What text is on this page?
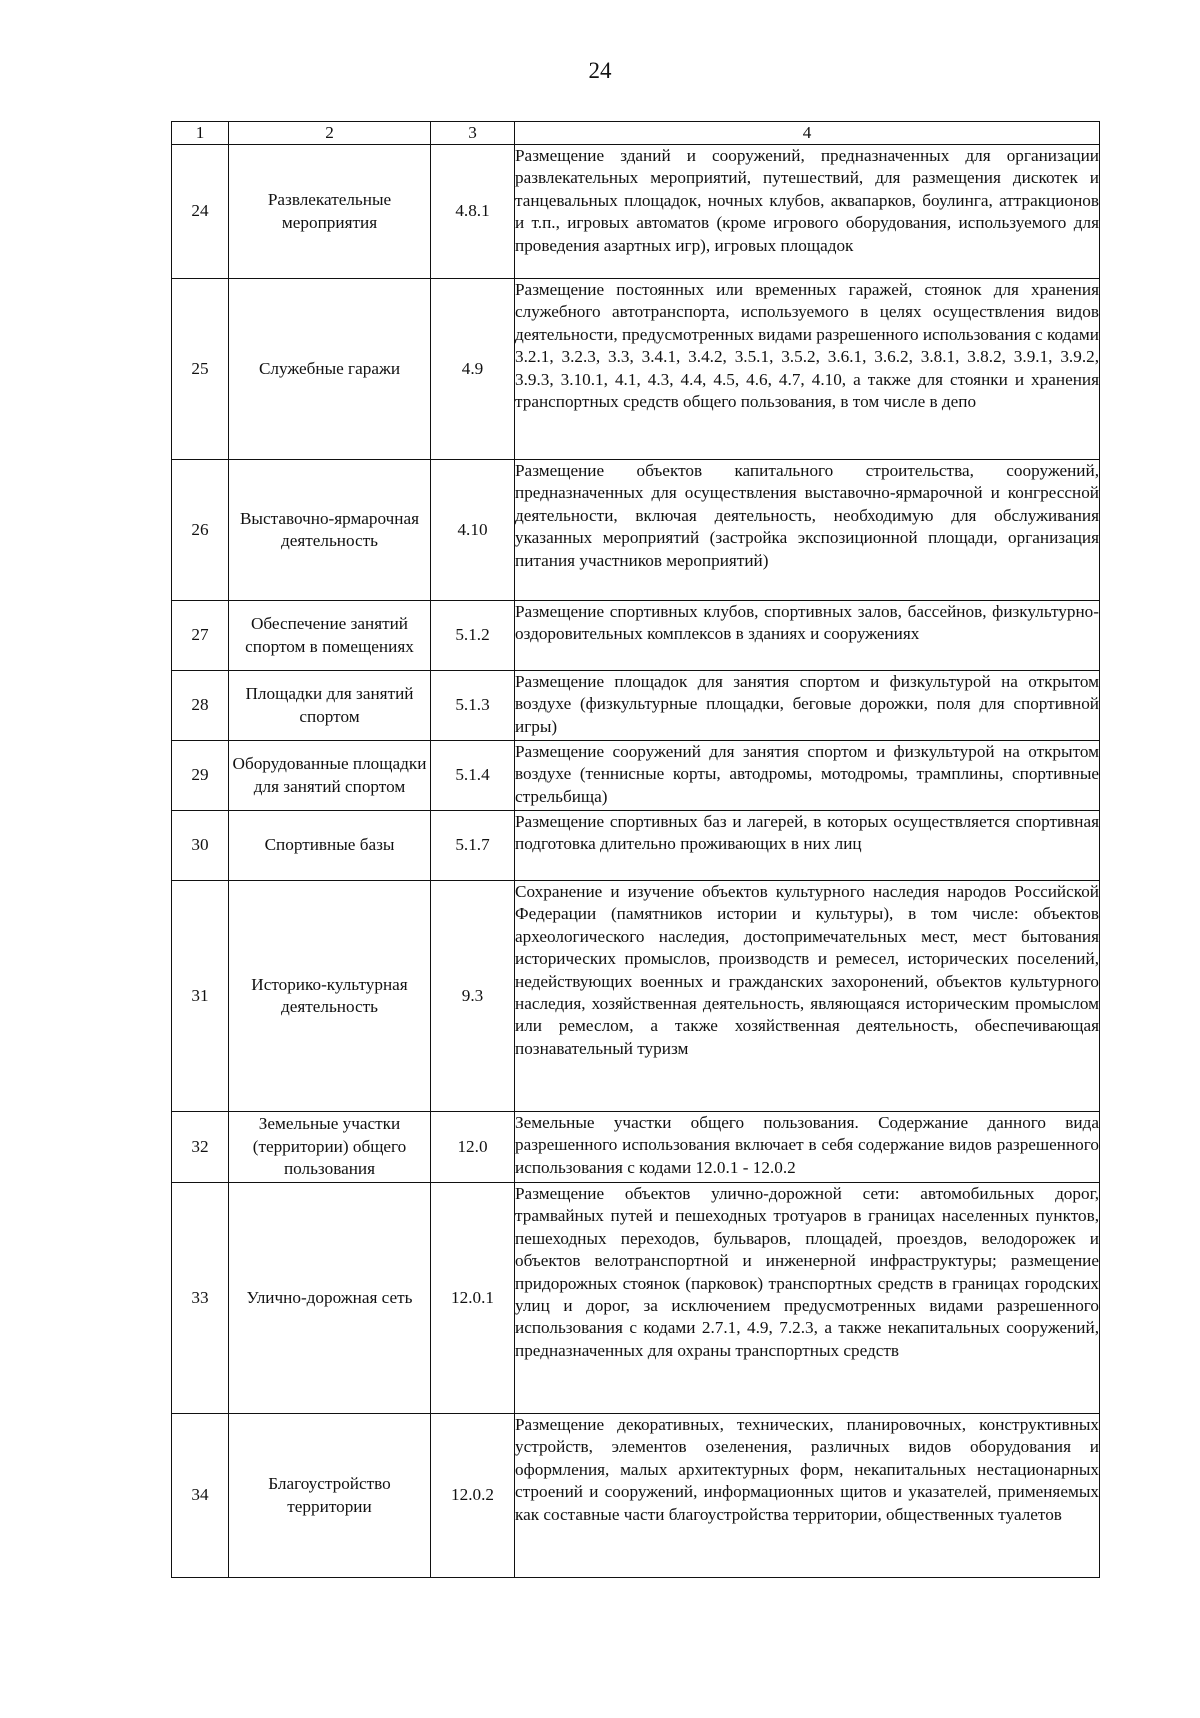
24
1	2	3	4
24	Развлекательные мероприятия	4.8.1	Размещение зданий и сооружений, предназначенных для организации развлекательных мероприятий, путешествий, для размещения дискотек и танцевальных площадок, ночных клубов, аквапарков, боулинга, аттракционов и т.п., игровых автоматов (кроме игрового оборудования, используемого для проведения азартных игр), игровых площадок
25	Служебные гаражи	4.9	Размещение постоянных или временных гаражей, стоянок для хранения служебного автотранспорта, используемого в целях осуществления видов деятельности, предусмотренных видами разрешенного использования с кодами 3.2.1, 3.2.3, 3.3, 3.4.1, 3.4.2, 3.5.1, 3.5.2, 3.6.1, 3.6.2, 3.8.1, 3.8.2, 3.9.1, 3.9.2, 3.9.3, 3.10.1, 4.1, 4.3, 4.4, 4.5, 4.6, 4.7, 4.10, а также для стоянки и хранения транспортных средств общего пользования, в том числе в депо
26	Выставочно-ярмарочная деятельность	4.10	Размещение объектов капитального строительства, сооружений, предназначенных для осуществления выставочно-ярмарочной и конгрессной деятельности, включая деятельность, необходимую для обслуживания указанных мероприятий (застройка экспозиционной площади, организация питания участников мероприятий)
27	Обеспечение занятий спортом в помещениях	5.1.2	Размещение спортивных клубов, спортивных залов, бассейнов, физкультурно-оздоровительных комплексов в зданиях и сооружениях
28	Площадки для занятий спортом	5.1.3	Размещение площадок для занятия спортом и физкультурой на открытом воздухе (физкультурные площадки, беговые дорожки, поля для спортивной игры)
29	Оборудованные площадки для занятий спортом	5.1.4	Размещение сооружений для занятия спортом и физкультурой на открытом воздухе (теннисные корты, автодромы, мотодромы, трамплины, спортивные стрельбища)
30	Спортивные базы	5.1.7	Размещение спортивных баз и лагерей, в которых осуществляется спортивная подготовка длительно проживающих в них лиц
31	Историко-культурная деятельность	9.3	Сохранение и изучение объектов культурного наследия народов Российской Федерации (памятников истории и культуры), в том числе: объектов археологического наследия, достопримечательных мест, мест бытования исторических промыслов, производств и ремесел, исторических поселений, недействующих военных и гражданских захоронений, объектов культурного наследия, хозяйственная деятельность, являющаяся историческим промыслом или ремеслом, а также хозяйственная деятельность, обеспечивающая познавательный туризм
32	Земельные участки (территории) общего пользования	12.0	Земельные участки общего пользования. Содержание данного вида разрешенного использования включает в себя содержание видов разрешенного использования с кодами 12.0.1 - 12.0.2
33	Улично-дорожная сеть	12.0.1	Размещение объектов улично-дорожной сети: автомобильных дорог, трамвайных путей и пешеходных тротуаров в границах населенных пунктов, пешеходных переходов, бульваров, площадей, проездов, велодорожек и объектов велотранспортной и инженерной инфраструктуры; размещение придорожных стоянок (парковок) транспортных средств в границах городских улиц и дорог, за исключением предусмотренных видами разрешенного использования с кодами 2.7.1, 4.9, 7.2.3, а также некапитальных сооружений, предназначенных для охраны транспортных средств
34	Благоустройство территории	12.0.2	Размещение декоративных, технических, планировочных, конструктивных устройств, элементов озеленения, различных видов оборудования и оформления, малых архитектурных форм, некапитальных нестационарных строений и сооружений, информационных щитов и указателей, применяемых как составные части благоустройства территории, общественных туалетов
